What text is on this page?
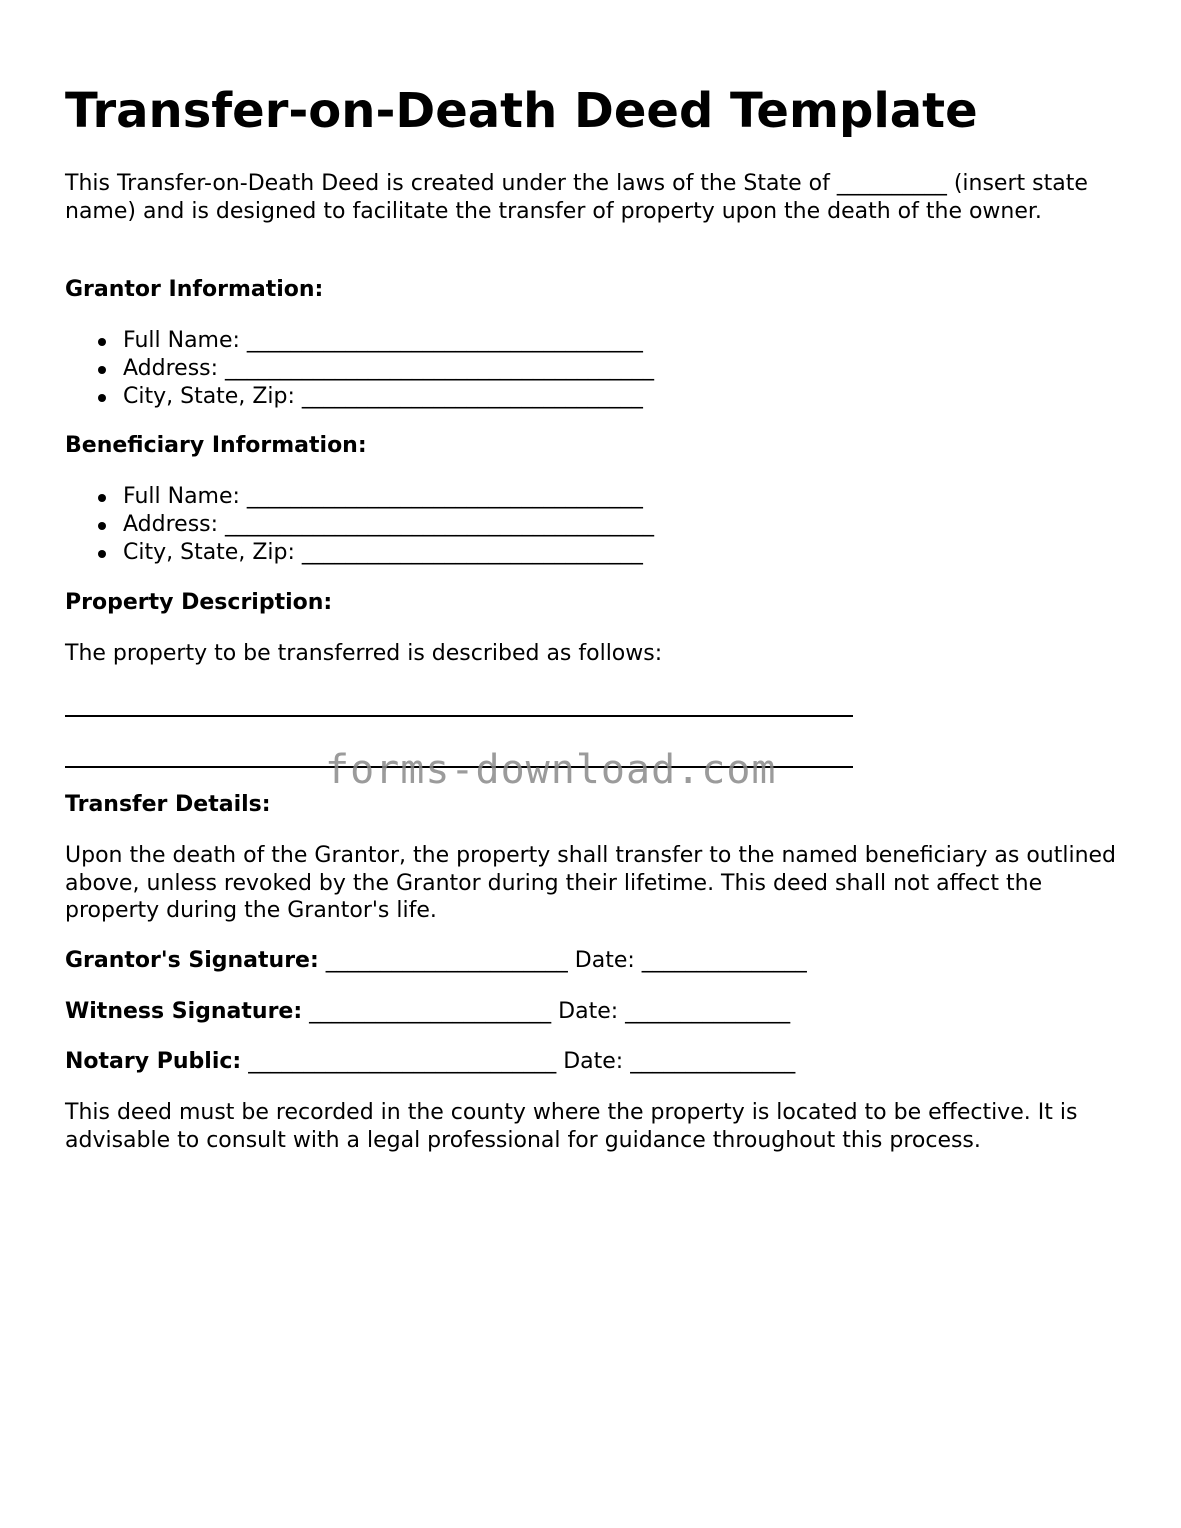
Transfer-on-Death Deed Template

This Transfer-on-Death Deed is created under the laws of the State of __________ (insert state name) and is designed to facilitate the transfer of property upon the death of the owner.

Grantor Information:
Full Name: ____________________________________
Address: _______________________________________
City, State, Zip: _______________________________
Beneficiary Information:
Full Name: ____________________________________
Address: _______________________________________
City, State, Zip: _______________________________
Property Description:

The property to be transferred is described as follows:

Transfer Details:

Upon the death of the Grantor, the property shall transfer to the named beneficiary as outlined above, unless revoked by the Grantor during their lifetime. This deed shall not affect the property during the Grantor's life.

Grantor's Signature: ______________________ Date: _______________

Witness Signature: ______________________ Date: _______________

Notary Public: ____________________________ Date: _______________

This deed must be recorded in the county where the property is located to be effective. It is advisable to consult with a legal professional for guidance throughout this process.

forms-download.com
